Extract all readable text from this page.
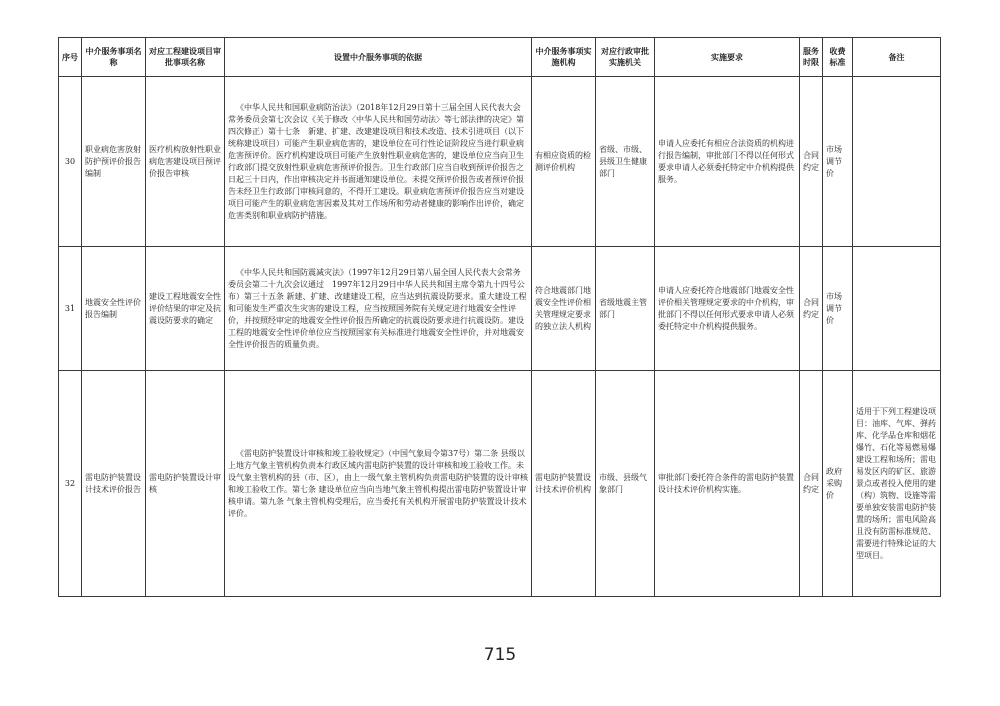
序号	中介服务事项名称	对应工程建设项目审批事项名称	设置中介服务事项的依据	中介服务事项实施机构	对应行政审批实施机关	实施要求	服务时限	收费标准	备注
30	职业病危害放射防护预评价报告编制	医疗机构放射性职业病危害建设项目预评价报告审核	《中华人民共和国职业病防治法》（2018年12月29日第十三届全国人民代表大会常务委员会第七次会议《关于修改〈中华人民共和国劳动法〉等七部法律的决定》第四次修正）第十七条　新建、扩建、改建建设项目和技术改造、技术引进项目（以下统称建设项目）可能产生职业病危害的，建设单位在可行性论证阶段应当进行职业病危害预评价。医疗机构建设项目可能产生放射性职业病危害的，建设单位应当向卫生行政部门提交放射性职业病危害预评价报告。卫生行政部门应当自收到预评价报告之日起三十日内，作出审核决定并书面通知建设单位。未提交预评价报告或者预评价报告未经卫生行政部门审核同意的，不得开工建设。职业病危害预评价报告应当对建设项目可能产生的职业病危害因素及其对工作场所和劳动者健康的影响作出评价，确定危害类别和职业病防护措施。	有相应资质的检测评价机构	省级、市级、县级卫生健康部门	申请人应委托有相应合法资质的机构进行报告编制，审批部门不得以任何形式要求申请人必须委托特定中介机构提供服务。	合同约定	市场调节价	
31	地震安全性评价报告编制	建设工程地震安全性评价结果的审定及抗震设防要求的确定	《中华人民共和国防震减灾法》（1997年12月29日第八届全国人民代表大会常务委员会第二十九次会议通过　1997年12月29日中华人民共和国主席令第九十四号公布）第三十五条 新建、扩建、改建建设工程，应当达到抗震设防要求。重大建设工程和可能发生严重次生灾害的建设工程，应当按照国务院有关规定进行地震安全性评价，并按照经审定的地震安全性评价报告所确定的抗震设防要求进行抗震设防。建设工程的地震安全性评价单位应当按照国家有关标准进行地震安全性评价，并对地震安全性评价报告的质量负责。	符合地震部门地震安全性评价相关管理规定要求的独立法人机构	省级地震主管部门	申请人应委托符合地震部门地震安全性评价相关管理规定要求的中介机构，审批部门不得以任何形式要求申请人必须委托特定中介机构提供服务。	合同约定	市场调节价	
32	雷电防护装置设计技术评价报告	雷电防护装置设计审核	《雷电防护装置设计审核和竣工验收规定》（中国气象局令第37号）第二条 县级以上地方气象主管机构负责本行政区域内雷电防护装置的设计审核和竣工验收工作。未设气象主管机构的县（市、区），由上一级气象主管机构负责雷电防护装置的设计审核和竣工验收工作。第七条 建设单位应当向当地气象主管机构提出雷电防护装置设计审核申请。第九条 气象主管机构受理后，应当委托有关机构开展雷电防护装置设计技术评价。	雷电防护装置设计技术评价机构	市级、县级气象部门	审批部门委托符合条件的雷电防护装置设计技术评价机构实施。	合同约定	政府采购价	适用于下列工程建设项目：油库、气库、弹药库、化学品仓库和烟花爆竹、石化等易燃易爆建设工程和场所；雷电易发区内的矿区、旅游景点或者投入使用的建（构）筑物、设施等需要单独安装雷电防护装置的场所；雷电风险高且没有防雷标准规范、需要进行特殊论证的大型项目。
715
